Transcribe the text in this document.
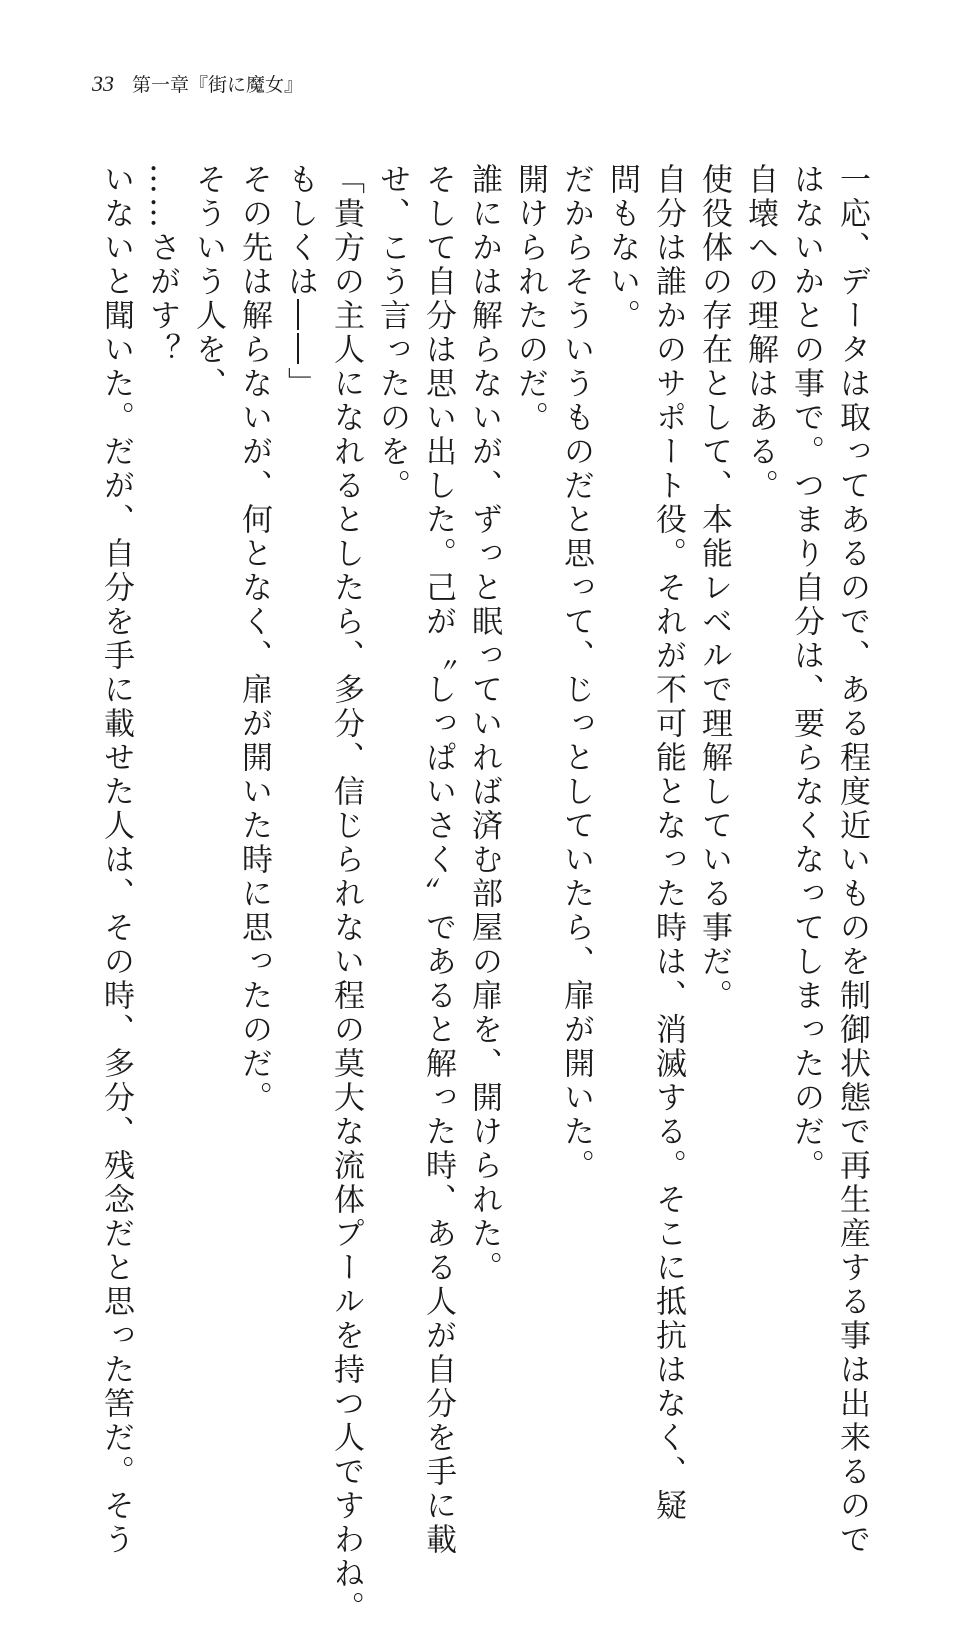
33 第一章『街に魔女』

一応、データは取ってあるので、ある程度近いものを制御状態で再生産する事は出来るので

はないかとの事で。つまり自分は、要らなくなってしまったのだ。

自壊への理解はある。

使役体の存在として、本能レベルで理解している事だ。

自分は誰かのサポート役。それが不可能となった時は、消滅する。そこに抵抗はなく、疑

問もない。

だからそういうものだと思って、じっとしていたら、扉が開いた。

開けられたのだ。

誰にかは解らないが、ずっと眠っていれば済む部屋の扉を、開けられた。

そして自分は思い出した。己が〝しっぱいさく〟であると解った時、ある人が自分を手に載

せ、こう言ったのを。

「貴方の主人になれるとしたら、多分、信じられない程の莫大な流体プールを持つ人ですわね。

もしくは――」

その先は解らないが、何となく、扉が開いた時に思ったのだ。

そういう人を、

……さがす？

いないと聞いた。だが、自分を手に載せた人は、その時、多分、残念だと思った筈だ。そう
